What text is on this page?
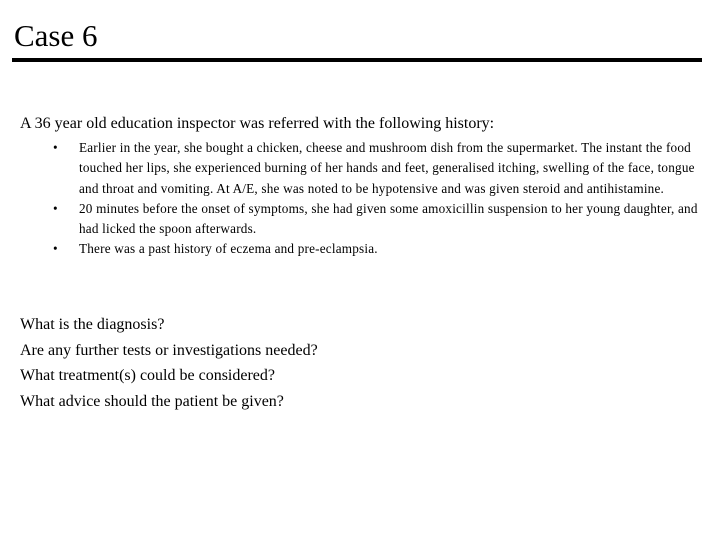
Case 6
A 36 year old education inspector was referred with the following history:
•	Earlier in the year, she bought a chicken, cheese and mushroom dish from the supermarket. The instant the food touched her lips, she experienced burning of her hands and feet, generalised itching, swelling of the face, tongue and throat and vomiting. At A/E, she was noted to be hypotensive and was given steroid and antihistamine.
•	20 minutes before the onset of symptoms, she had given some amoxicillin suspension to her young daughter, and had licked the spoon afterwards.
•	There was a past history of eczema and pre-eclampsia.
What is the diagnosis?
Are any further tests or investigations needed?
What treatment(s) could be considered?
What advice should the patient be given?
